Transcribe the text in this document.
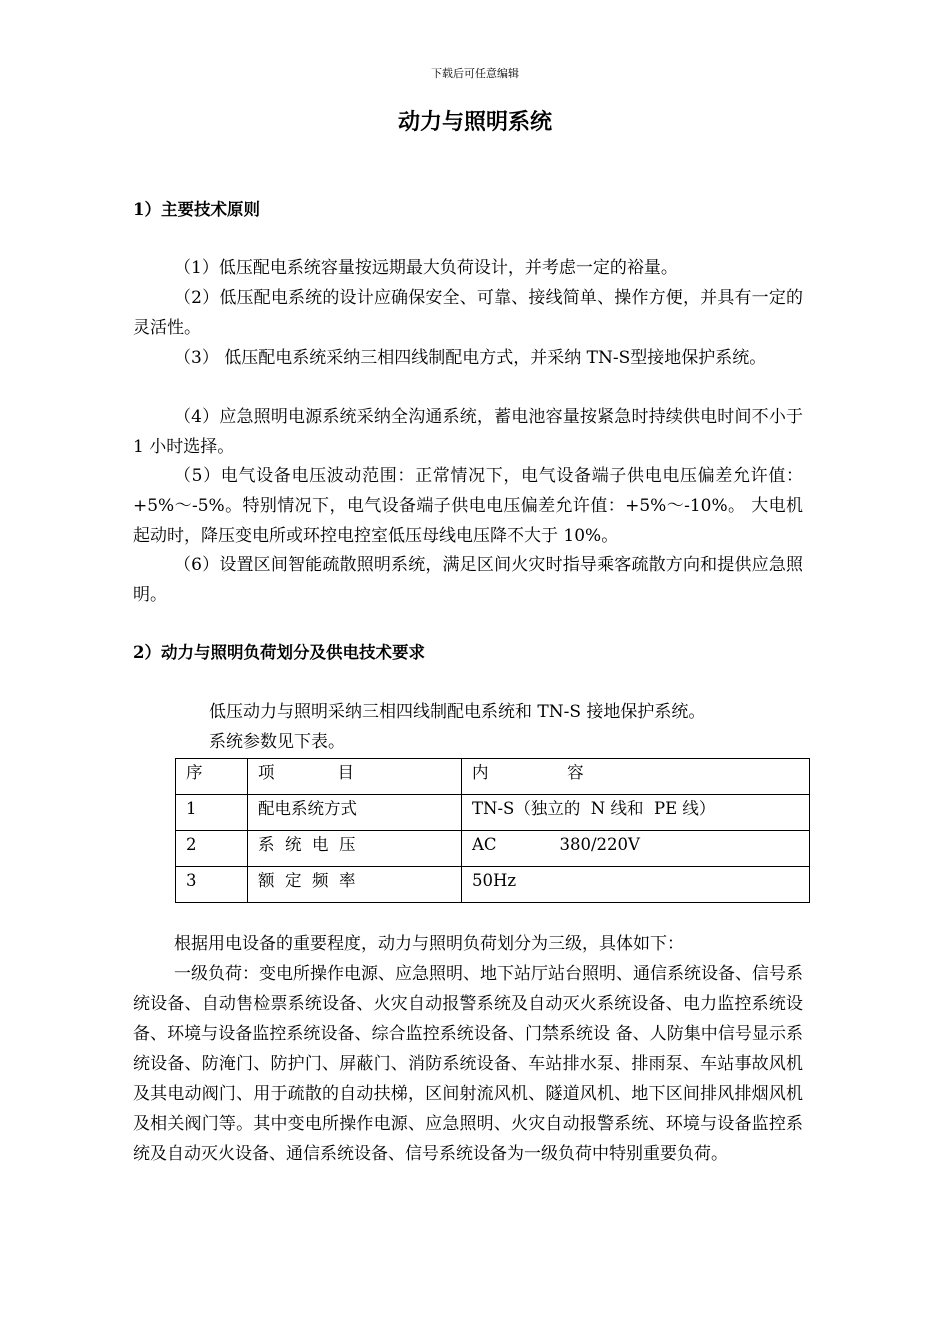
下载后可任意编辑
动力与照明系统
1）主要技术原则
（1）低压配电系统容量按远期最大负荷设计，并考虑一定的裕量。
（2）低压配电系统的设计应确保安全、可靠、接线简单、操作方便，并具有一定的灵活性。
（3） 低压配电系统采纳三相四线制配电方式，并采纳 TN-S型接地保护系统。
（4）应急照明电源系统采纳全沟通系统，蓄电池容量按紧急时持续供电时间不小于 1 小时选择。
（5）电气设备电压波动范围：正常情况下，电气设备端子供电电压偏差允许值：+5%～-5%。特别情况下，电气设备端子供电电压偏差允许值：+5%～-10%。 大电机起动时，降压变电所或环控电控室低压母线电压降不大于 10%。
（6）设置区间智能疏散照明系统，满足区间火灾时指导乘客疏散方向和提供应急照明。
2）动力与照明负荷划分及供电技术要求
低压动力与照明采纳三相四线制配电系统和 TN-S 接地保护系统。
系统参数见下表。
序	项            目	内               容
1	配电系统方式	TN-S（独立的  N 线和  PE 线）
2	系  统  电  压	AC            380/220V
3	额  定  频  率	50Hz
根据用电设备的重要程度，动力与照明负荷划分为三级，具体如下：
一级负荷：变电所操作电源、应急照明、地下站厅站台照明、通信系统设备、信号系统设备、自动售检票系统设备、火灾自动报警系统及自动灭火系统设备、电力监控系统设备、环境与设备监控系统设备、综合监控系统设备、门禁系统设 备、人防集中信号显示系统设备、防淹门、防护门、屏蔽门、消防系统设备、车站排水泵、排雨泵、车站事故风机及其电动阀门、用于疏散的自动扶梯，区间射流风机、隧道风机、地下区间排风排烟风机及相关阀门等。其中变电所操作电源、应急照明、火灾自动报警系统、环境与设备监控系统及自动灭火设备、通信系统设备、信号系统设备为一级负荷中特别重要负荷。
